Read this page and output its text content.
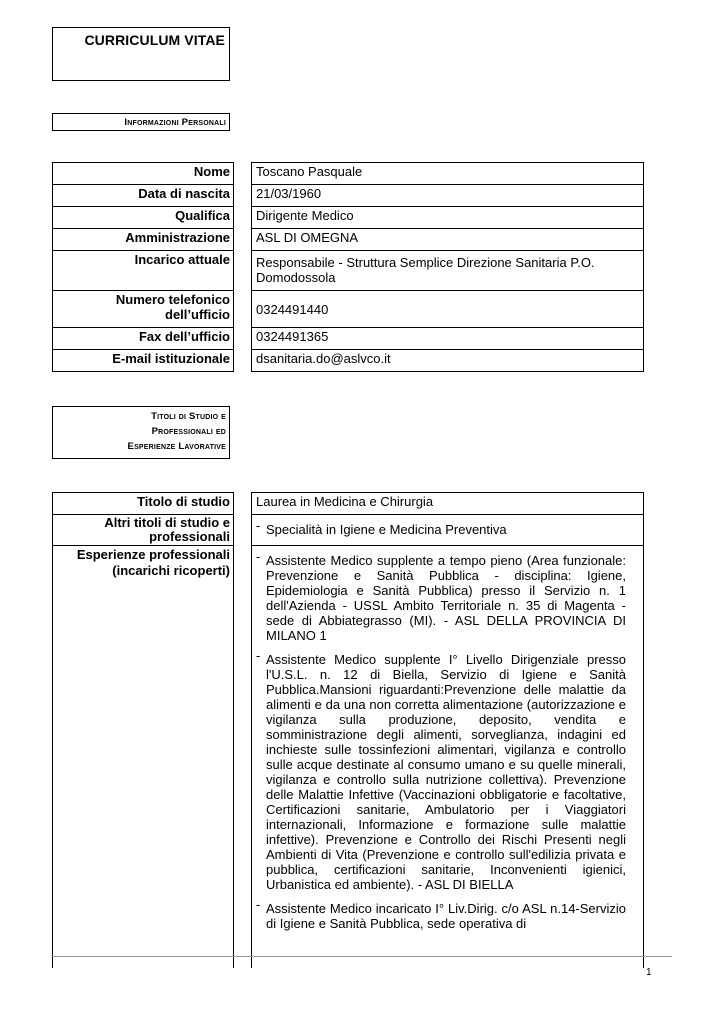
CURRICULUM VITAE
Informazioni Personali
Nome		Toscano Pasquale
Data di nascita		21/03/1960
Qualifica		Dirigente Medico
Amministrazione		ASL DI OMEGNA
Incarico attuale		Responsabile - Struttura Semplice Direzione Sanitaria P.O. Domodossola
Numero telefonico dell’ufficio		0324491440
Fax dell’ufficio		0324491365
E-mail istituzionale		dsanitaria.do@aslvco.it
Titoli di Studio e
Professionali ed
Esperienze Lavorative
Titolo di studio		Laurea in Medicina e Chirurgia
Altri titoli di studio e professionali		- Specialità in Igiene e Medicina Preventiva

Esperienze professionali (incarichi ricoperti)		- Assistente Medico supplente a tempo pieno (Area funzionale: Prevenzione e Sanità Pubblica - disciplina: Igiene, Epidemiologia e Sanità Pubblica) presso il Servizio n. 1 dell'Azienda - USSL Ambito Territoriale n. 35 di Magenta - sede di Abbiategrasso (MI). - ASL DELLA PROVINCIA DI MILANO 1
- Assistente Medico supplente I° Livello Dirigenziale presso l'U.S.L. n. 12 di Biella, Servizio di Igiene e Sanità Pubblica.Mansioni riguardanti:Prevenzione delle malattie da alimenti e da una non corretta alimentazione (autorizzazione e vigilanza sulla produzione, deposito, vendita e somministrazione degli alimenti, sorveglianza, indagini ed inchieste sulle tossinfezioni alimentari, vigilanza e controllo sulle acque destinate al consumo umano e su quelle minerali, vigilanza e controllo sulla nutrizione collettiva). Prevenzione delle Malattie Infettive (Vaccinazioni obbligatorie e facoltative, Certificazioni sanitarie, Ambulatorio per i Viaggiatori internazionali, Informazione e formazione sulle malattie infettive). Prevenzione e Controllo dei Rischi Presenti negli Ambienti di Vita (Prevenzione e controllo sull'edilizia privata e pubblica, certificazioni sanitarie, Inconvenienti igienici, Urbanistica ed ambiente). - ASL DI BIELLA
- Assistente Medico incaricato I° Liv.Dirig. c/o ASL n.14-Servizio di Igiene e Sanità Pubblica, sede operativa di
1
